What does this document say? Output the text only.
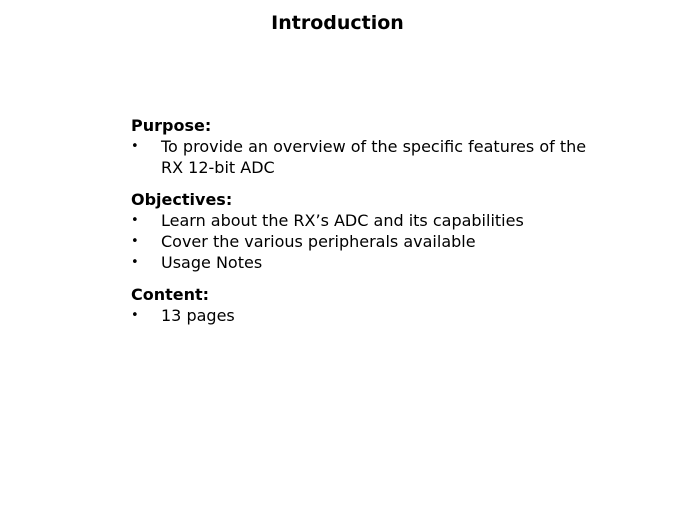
Introduction
Purpose:
• To provide an overview of the specific features of the RX 12-bit ADC
Objectives:
• Learn about the RX’s ADC and its capabilities
• Cover the various peripherals available
• Usage Notes
Content:
• 13 pages
